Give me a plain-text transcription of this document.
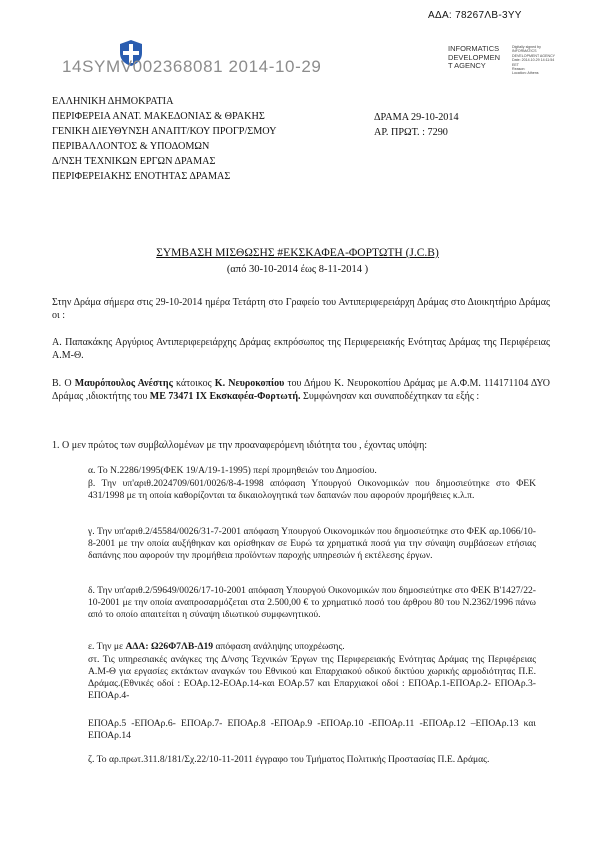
ΑΔΑ: 78267ΛΒ-3ΥΥ
14SYMV002368081 2014-10-29
INFORMATICS
DEVELOPMEN
T AGENCY
Digitally signed by
INFORMATICS
DEVELOPMENT AGENCY
Date: 2014.10.29 14:11:54
EET
Reason:
Location: Athens
ΕΛΛΗΝΙΚΗ ΔΗΜΟΚΡΑΤΙΑ
ΠΕΡΙΦΕΡΕΙΑ ΑΝΑΤ. ΜΑΚΕΔΟΝΙΑΣ & ΘΡΑΚΗΣ
ΓΕΝΙΚΗ ΔΙΕΥΘΥΝΣΗ ΑΝΑΠΤ/ΚΟΥ ΠΡΟΓΡ/ΣΜΟΥ
ΠΕΡΙΒΑΛΛΟΝΤΟΣ & ΥΠΟΔΟΜΩΝ
Δ/ΝΣΗ ΤΕΧΝΙΚΩΝ ΕΡΓΩΝ ΔΡΑΜΑΣ
ΠΕΡΙΦΕΡΕΙΑΚΗΣ ΕΝΟΤΗΤΑΣ ΔΡΑΜΑΣ
ΔΡΑΜΑ 29-10-2014
ΑΡ. ΠΡΩΤ. : 7290
ΣΥΜΒΑΣΗ ΜΙΣΘΩΣΗΣ #ΕΚΣΚΑΦΕΑ-ΦΟΡΤΩΤΗ (J.C.B)
(από 30-10-2014 έως 8-11-2014 )
Στην Δράμα σήμερα στις 29-10-2014 ημέρα Τετάρτη στο Γραφείο του Αντιπεριφερειάρχη Δράμας στο Διοικητήριο Δράμας οι :
Α. Παπακάκης Αργύριος Αντιπεριφερειάρχης Δράμας εκπρόσωπος της Περιφερειακής Ενότητας Δράμας της Περιφέρειας Α.Μ-Θ.
Β. Ο Μαυρόπουλος Ανέστης κάτοικος Κ. Νευροκοπίου του Δήμου Κ. Νευροκοπίου Δράμας με Α.Φ.Μ. 114171104 ΔΥΟ Δράμας ,ιδιοκτήτης του ΜΕ 73471 ΙΧ Εκσκαφέα-Φορτωτή. Συμφώνησαν και συναποδέχτηκαν τα εξής :
1. Ο μεν πρώτος των συμβαλλομένων με την προαναφερόμενη ιδιότητα του , έχοντας υπόψη:
α. Το Ν.2286/1995(ΦΕΚ 19/Α/19-1-1995) περί προμηθειών του Δημοσίου.
β. Την υπ'αριθ.2024709/601/0026/8-4-1998 απόφαση Υπουργού Οικονομικών που δημοσιεύτηκε στο ΦΕΚ 431/1998 με τη οποία καθορίζονται τα δικαιολογητικά των δαπανών που αφορούν προμήθειες κ.λ.π.
γ. Την υπ'αριθ.2/45584/0026/31-7-2001 απόφαση Υπουργού Οικονομικών που δημοσιεύτηκε στο ΦΕΚ αρ.1066/10-8-2001 με την οποία αυξήθηκαν και ορίσθηκαν σε Ευρώ τα χρηματικά ποσά για την σύναψη συμβάσεων ετήσιας δαπάνης που αφορούν την προμήθεια προϊόντων παροχής υπηρεσιών ή εκτέλεσης έργων.
δ. Την υπ'αριθ.2/59649/0026/17-10-2001 απόφαση Υπουργού Οικονομικών που δημοσιεύτηκε στο ΦΕΚ Β'1427/22-10-2001 με την οποία αναπροσαρμόζεται στα 2.500,00 € το χρηματικό ποσό του άρθρου 80 του Ν.2362/1996 πάνω από το οποίο απαιτείται η σύναψη ιδιωτικού συμφωνητικού.
ε. Την με ΑΔΑ: Ω26Φ7ΛΒ-Δ19 απόφαση ανάληψης υποχρέωσης.
στ. Τις υπηρεσιακές ανάγκες της Δ/νσης Τεχνικών Έργων της Περιφερειακής Ενότητας Δράμας της Περιφέρειας Α.Μ-Θ για εργασίες εκτάκτων αναγκών του Εθνικού και Επαρχιακού οδικού δικτύου χωρικής αρμοδιότητας Π.Ε. Δράμας.(Εθνικές οδοί : ΕΟΑρ.12-ΕΟΑρ.14-και ΕΟΑρ.57 και Επαρχιακοί οδοί : ΕΠΟΑρ.1-ΕΠΟΑρ.2- ΕΠΟΑρ.3-ΕΠΟΑρ.4-
ΕΠΟΑρ.5 -ΕΠΟΑρ.6- ΕΠΟΑρ.7- ΕΠΟΑρ.8 -ΕΠΟΑρ.9 -ΕΠΟΑρ.10 -ΕΠΟΑρ.11 -ΕΠΟΑρ.12 –ΕΠΟΑρ.13 και ΕΠΟΑρ.14
ζ. Το αρ.πρωτ.311.8/181/Σχ.22/10-11-2011 έγγραφο του Τμήματος Πολιτικής Προστασίας Π.Ε. Δράμας.
